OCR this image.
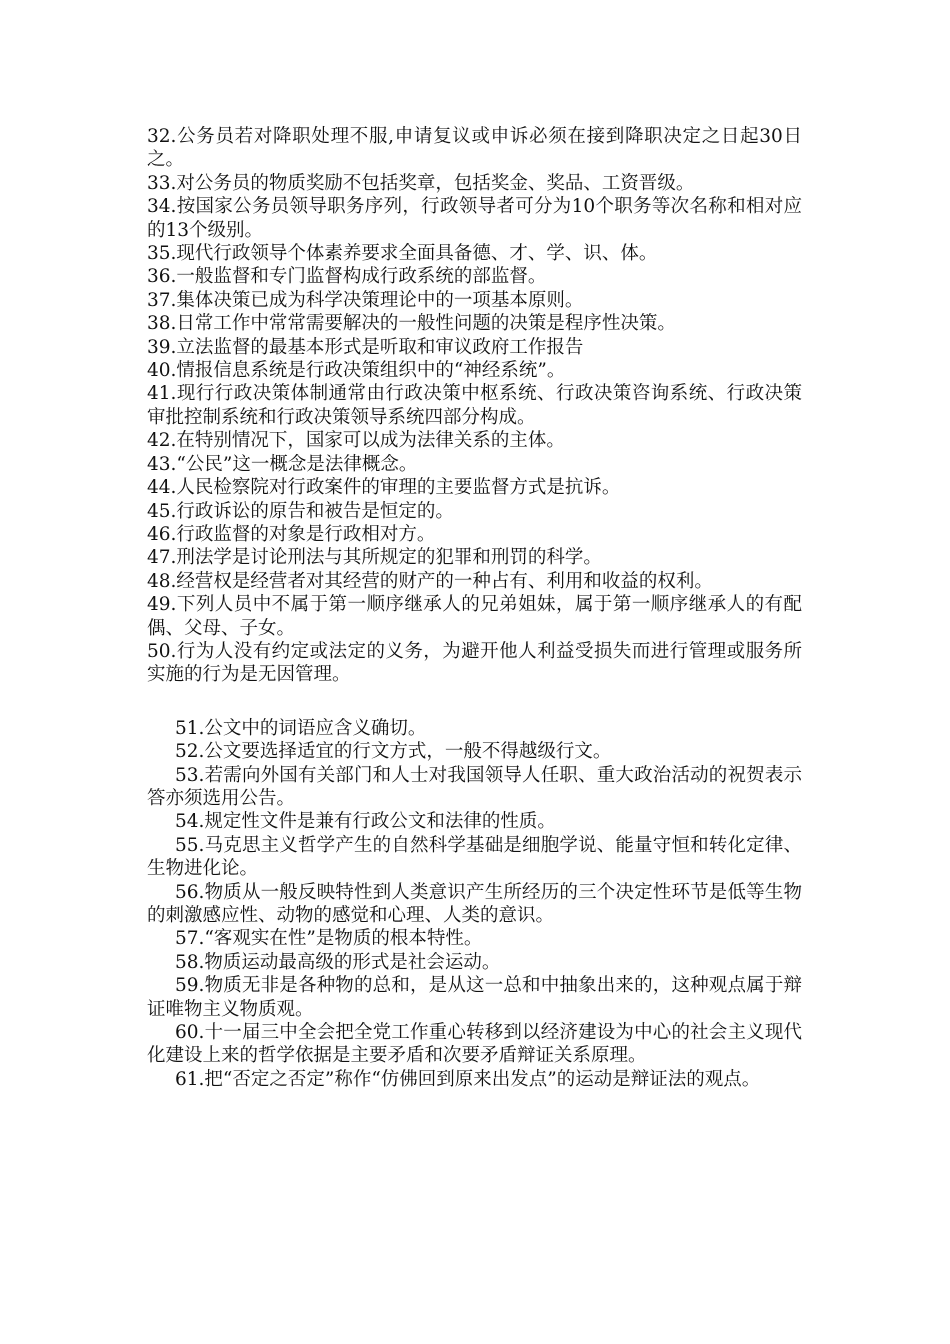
32.公务员若对降职处理不服,申请复议或申诉必须在接到降职决定之日起30日之。

33.对公务员的物质奖励不包括奖章，包括奖金、奖品、工资晋级。

34.按国家公务员领导职务序列，行政领导者可分为10个职务等次名称和相对应的13个级别。

35.现代行政领导个体素养要求全面具备德、才、学、识、体。

36.一般监督和专门监督构成行政系统的部监督。

37.集体决策已成为科学决策理论中的一项基本原则。

38.日常工作中常常需要解决的一般性问题的决策是程序性决策。

39.立法监督的最基本形式是听取和审议政府工作报告

40.情报信息系统是行政决策组织中的“神经系统”。

41.现行行政决策体制通常由行政决策中枢系统、行政决策咨询系统、行政决策审批控制系统和行政决策领导系统四部分构成。

42.在特别情况下，国家可以成为法律关系的主体。

43.“公民”这一概念是法律概念。

44.人民检察院对行政案件的审理的主要监督方式是抗诉。

45.行政诉讼的原告和被告是恒定的。

46.行政监督的对象是行政相对方。

47.刑法学是讨论刑法与其所规定的犯罪和刑罚的科学。

48.经营权是经营者对其经营的财产的一种占有、利用和收益的权利。

49.下列人员中不属于第一顺序继承人的兄弟姐妹，属于第一顺序继承人的有配偶、父母、子女。

50.行为人没有约定或法定的义务，为避开他人利益受损失而进行管理或服务所实施的行为是无因管理。

51.公文中的词语应含义确切。

52.公文要选择适宜的行文方式，一般不得越级行文。

53.若需向外国有关部门和人士对我国领导人任职、重大政治活动的祝贺表示答亦须选用公告。

54.规定性文件是兼有行政公文和法律的性质。

55.马克思主义哲学产生的自然科学基础是细胞学说、能量守恒和转化定律、生物进化论。

56.物质从一般反映特性到人类意识产生所经历的三个决定性环节是低等生物的刺激感应性、动物的感觉和心理、人类的意识。

57.“客观实在性”是物质的根本特性。

58.物质运动最高级的形式是社会运动。

59.物质无非是各种物的总和，是从这一总和中抽象出来的，这种观点属于辩证唯物主义物质观。

60.十一届三中全会把全党工作重心转移到以经济建设为中心的社会主义现代化建设上来的哲学依据是主要矛盾和次要矛盾辩证关系原理。

61.把“否定之否定”称作“仿佛回到原来出发点”的运动是辩证法的观点。
